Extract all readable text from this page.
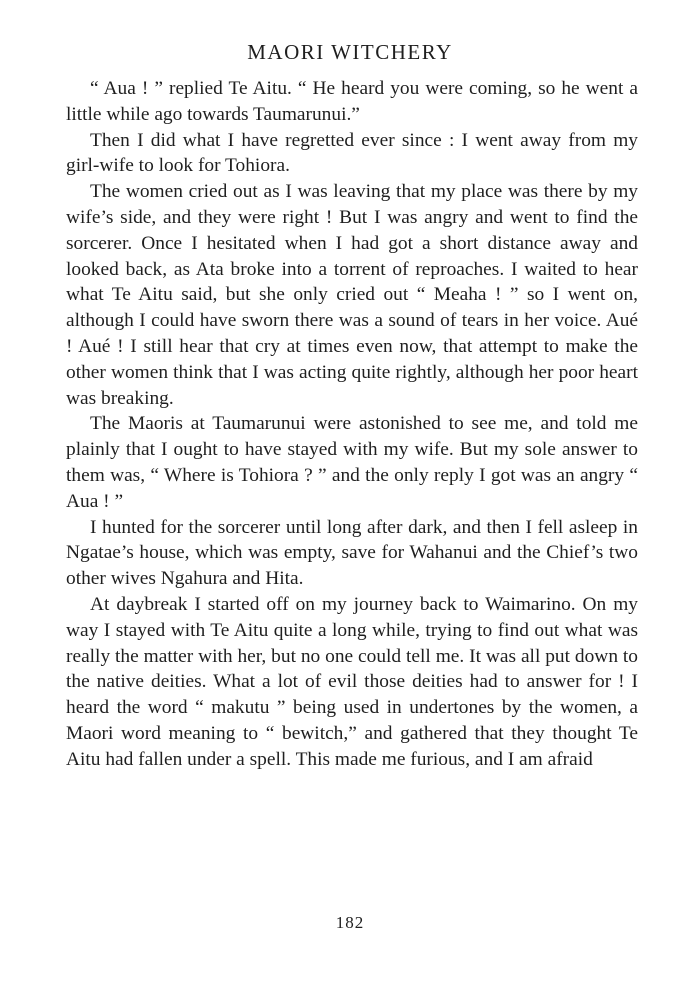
MAORI WITCHERY

“ Aua ! ” replied Te Aitu. “ He heard you were coming, so he went a little while ago towards Taumarunui.”

Then I did what I have regretted ever since : I went away from my girl-wife to look for Tohiora.

The women cried out as I was leaving that my place was there by my wife’s side, and they were right ! But I was angry and went to find the sorcerer. Once I hesitated when I had got a short distance away and looked back, as Ata broke into a torrent of reproaches. I waited to hear what Te Aitu said, but she only cried out “ Meaha ! ” so I went on, although I could have sworn there was a sound of tears in her voice. Aué ! Aué ! I still hear that cry at times even now, that attempt to make the other women think that I was acting quite rightly, although her poor heart was breaking.

The Maoris at Taumarunui were astonished to see me, and told me plainly that I ought to have stayed with my wife. But my sole answer to them was, “ Where is Tohiora ? ” and the only reply I got was an angry “ Aua ! ”

I hunted for the sorcerer until long after dark, and then I fell asleep in Ngatae’s house, which was empty, save for Wahanui and the Chief’s two other wives Ngahura and Hita.

At daybreak I started off on my journey back to Waimarino. On my way I stayed with Te Aitu quite a long while, trying to find out what was really the matter with her, but no one could tell me. It was all put down to the native deities. What a lot of evil those deities had to answer for ! I heard the word “ makutu ” being used in undertones by the women, a Maori word meaning to “ bewitch,” and gathered that they thought Te Aitu had fallen under a spell. This made me furious, and I am afraid

182
